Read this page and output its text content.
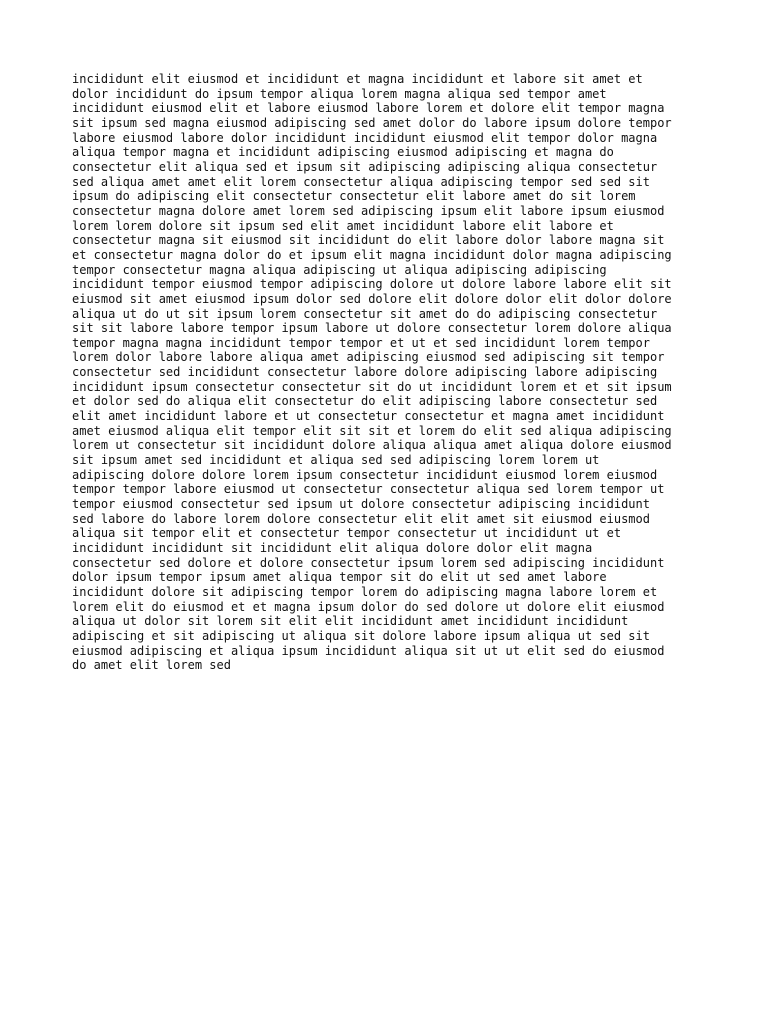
incididunt elit eiusmod et incididunt et magna incididunt et labore sit amet et
dolor incididunt do ipsum tempor aliqua lorem magna aliqua sed tempor amet
incididunt eiusmod elit et labore eiusmod labore lorem et dolore elit tempor magna
sit ipsum sed magna eiusmod adipiscing sed amet dolor do labore ipsum dolore tempor
labore eiusmod labore dolor incididunt incididunt eiusmod elit tempor dolor magna
aliqua tempor magna et incididunt adipiscing eiusmod adipiscing et magna do
consectetur elit aliqua sed et ipsum sit adipiscing adipiscing aliqua consectetur
sed aliqua amet amet elit lorem consectetur aliqua adipiscing tempor sed sed sit
ipsum do adipiscing elit consectetur consectetur elit labore amet do sit lorem
consectetur magna dolore amet lorem sed adipiscing ipsum elit labore ipsum eiusmod
lorem lorem dolore sit ipsum sed elit amet incididunt labore elit labore et
consectetur magna sit eiusmod sit incididunt do elit labore dolor labore magna sit
et consectetur magna dolor do et ipsum elit magna incididunt dolor magna adipiscing
tempor consectetur magna aliqua adipiscing ut aliqua adipiscing adipiscing
incididunt tempor eiusmod tempor adipiscing dolore ut dolore labore labore elit sit
eiusmod sit amet eiusmod ipsum dolor sed dolore elit dolore dolor elit dolor dolore
aliqua ut do ut sit ipsum lorem consectetur sit amet do do adipiscing consectetur
sit sit labore labore tempor ipsum labore ut dolore consectetur lorem dolore aliqua
tempor magna magna incididunt tempor tempor et ut et sed incididunt lorem tempor
lorem dolor labore labore aliqua amet adipiscing eiusmod sed adipiscing sit tempor
consectetur sed incididunt consectetur labore dolore adipiscing labore adipiscing
incididunt ipsum consectetur consectetur sit do ut incididunt lorem et et sit ipsum
et dolor sed do aliqua elit consectetur do elit adipiscing labore consectetur sed
elit amet incididunt labore et ut consectetur consectetur et magna amet incididunt
amet eiusmod aliqua elit tempor elit sit sit et lorem do elit sed aliqua adipiscing
lorem ut consectetur sit incididunt dolore aliqua aliqua amet aliqua dolore eiusmod
sit ipsum amet sed incididunt et aliqua sed sed adipiscing lorem lorem ut
adipiscing dolore dolore lorem ipsum consectetur incididunt eiusmod lorem eiusmod
tempor tempor labore eiusmod ut consectetur consectetur aliqua sed lorem tempor ut
tempor eiusmod consectetur sed ipsum ut dolore consectetur adipiscing incididunt
sed labore do labore lorem dolore consectetur elit elit amet sit eiusmod eiusmod
aliqua sit tempor elit et consectetur tempor consectetur ut incididunt ut et
incididunt incididunt sit incididunt elit aliqua dolore dolor elit magna
consectetur sed dolore et dolore consectetur ipsum lorem sed adipiscing incididunt
dolor ipsum tempor ipsum amet aliqua tempor sit do elit ut sed amet labore
incididunt dolore sit adipiscing tempor lorem do adipiscing magna labore lorem et
lorem elit do eiusmod et et magna ipsum dolor do sed dolore ut dolore elit eiusmod
aliqua ut dolor sit lorem sit elit elit incididunt amet incididunt incididunt
adipiscing et sit adipiscing ut aliqua sit dolore labore ipsum aliqua ut sed sit
eiusmod adipiscing et aliqua ipsum incididunt aliqua sit ut ut elit sed do eiusmod
do amet elit lorem sed
